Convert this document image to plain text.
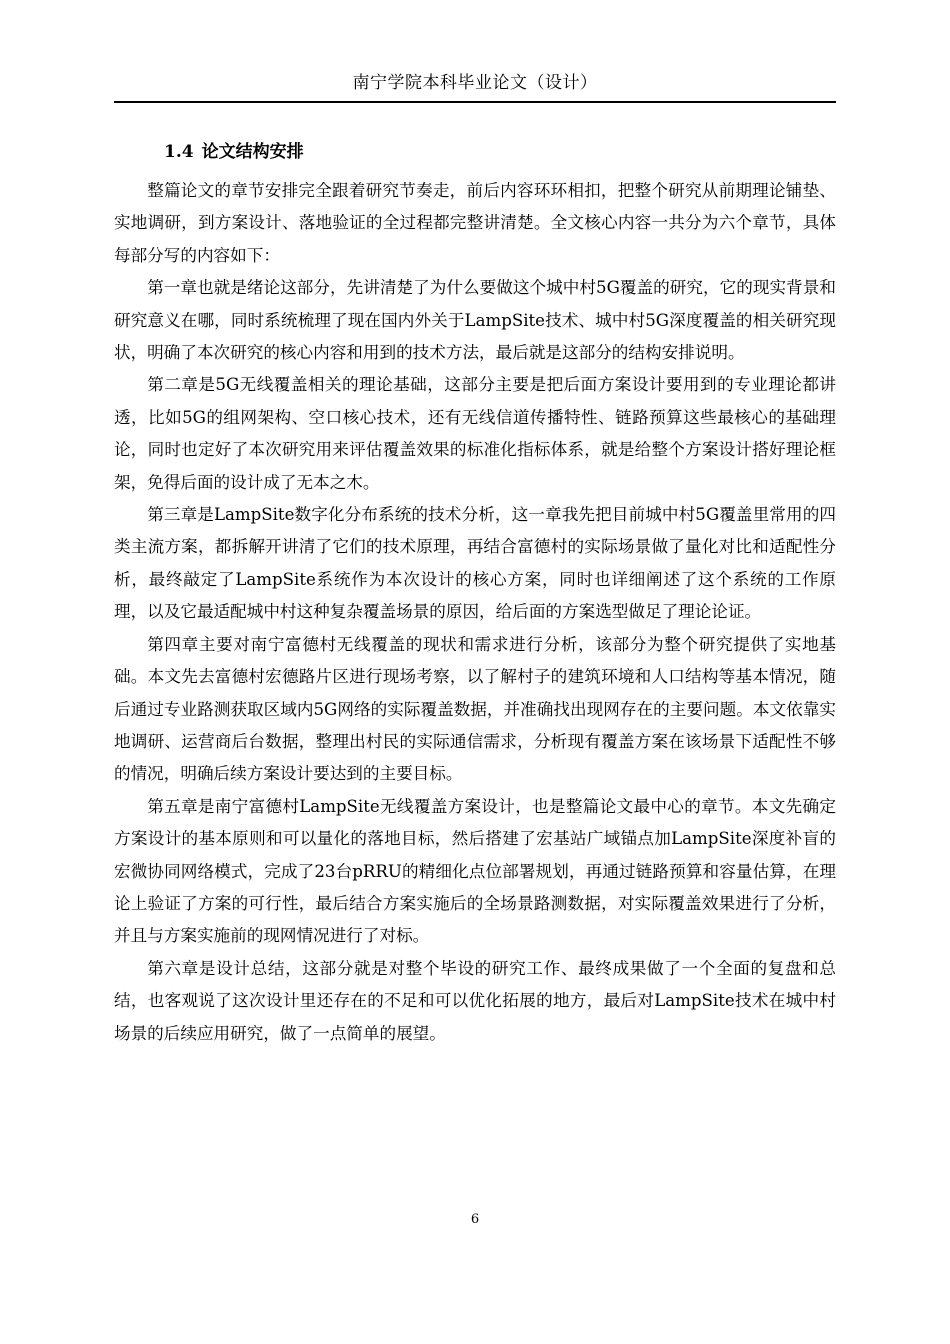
南宁学院本科毕业论文（设计）
1.4 论文结构安排

整篇论文的章节安排完全跟着研究节奏走，前后内容环环相扣，把整个研究从前期理论铺垫、实地调研，到方案设计、落地验证的全过程都完整讲清楚。全文核心内容一共分为六个章节，具体每部分写的内容如下：

第一章也就是绪论这部分，先讲清楚了为什么要做这个城中村5G覆盖的研究，它的现实背景和研究意义在哪，同时系统梳理了现在国内外关于LampSite技术、城中村5G深度覆盖的相关研究现状，明确了本次研究的核心内容和用到的技术方法，最后就是这部分的结构安排说明。

第二章是5G无线覆盖相关的理论基础，这部分主要是把后面方案设计要用到的专业理论都讲透，比如5G的组网架构、空口核心技术，还有无线信道传播特性、链路预算这些最核心的基础理论，同时也定好了本次研究用来评估覆盖效果的标准化指标体系，就是给整个方案设计搭好理论框架，免得后面的设计成了无本之木。

第三章是LampSite数字化分布系统的技术分析，这一章我先把目前城中村5G覆盖里常用的四类主流方案，都拆解开讲清了它们的技术原理，再结合富德村的实际场景做了量化对比和适配性分析，最终敲定了LampSite系统作为本次设计的核心方案，同时也详细阐述了这个系统的工作原理，以及它最适配城中村这种复杂覆盖场景的原因，给后面的方案选型做足了理论论证。

第四章主要对南宁富德村无线覆盖的现状和需求进行分析，该部分为整个研究提供了实地基础。本文先去富德村宏德路片区进行现场考察，以了解村子的建筑环境和人口结构等基本情况，随后通过专业路测获取区域内5G网络的实际覆盖数据，并准确找出现网存在的主要问题。本文依靠实地调研、运营商后台数据，整理出村民的实际通信需求，分析现有覆盖方案在该场景下适配性不够的情况，明确后续方案设计要达到的主要目标。

第五章是南宁富德村LampSite无线覆盖方案设计，也是整篇论文最中心的章节。本文先确定方案设计的基本原则和可以量化的落地目标，然后搭建了宏基站广域锚点加LampSite深度补盲的宏微协同网络模式，完成了23台pRRU的精细化点位部署规划，再通过链路预算和容量估算，在理论上验证了方案的可行性，最后结合方案实施后的全场景路测数据，对实际覆盖效果进行了分析，并且与方案实施前的现网情况进行了对标。

第六章是设计总结，这部分就是对整个毕设的研究工作、最终成果做了一个全面的复盘和总结，也客观说了这次设计里还存在的不足和可以优化拓展的地方，最后对LampSite技术在城中村场景的后续应用研究，做了一点简单的展望。

6
